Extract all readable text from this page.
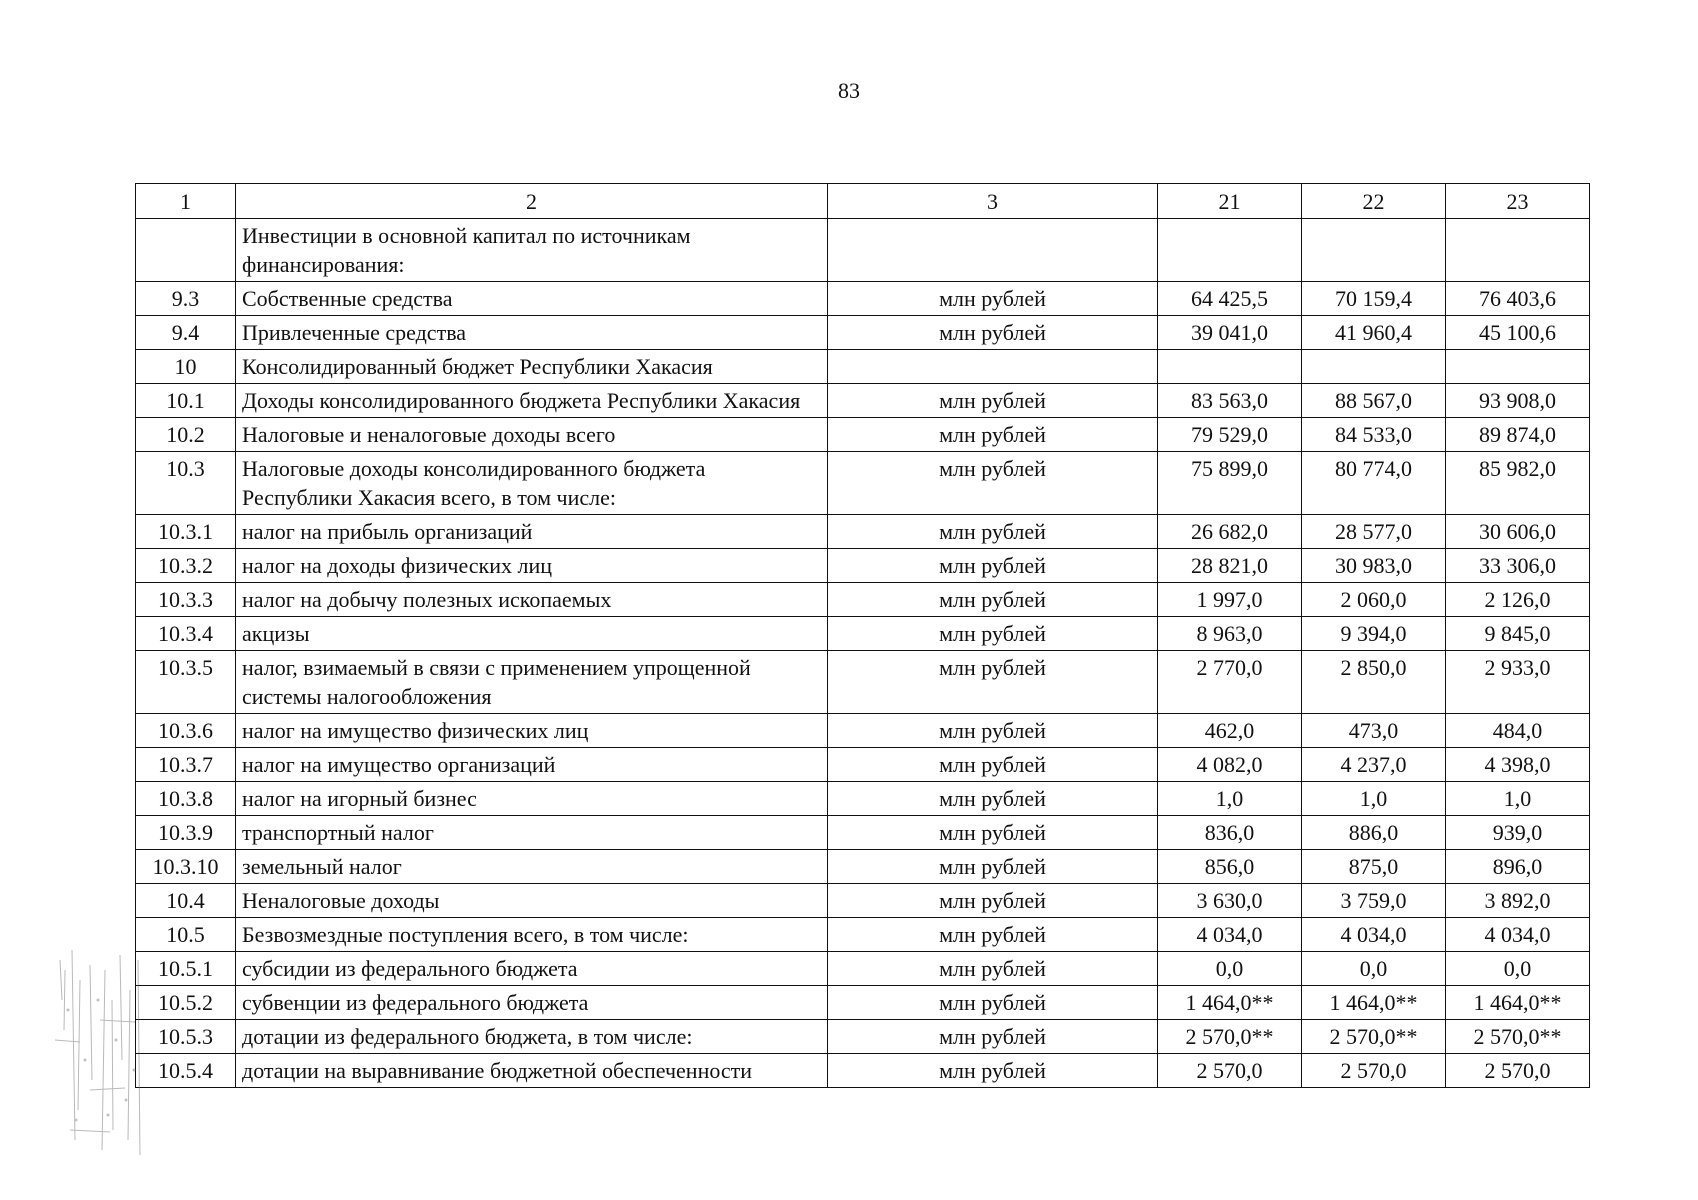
83
1	2	3	21	22	23
	Инвестиции в основной капитал по источникам финансирования:				
9.3	Собственные средства	млн рублей	64 425,5	70 159,4	76 403,6
9.4	Привлеченные средства	млн рублей	39 041,0	41 960,4	45 100,6
10	Консолидированный бюджет Республики Хакасия				
10.1	Доходы консолидированного бюджета Республики Хакасия	млн рублей	83 563,0	88 567,0	93 908,0
10.2	Налоговые и неналоговые доходы всего	млн рублей	79 529,0	84 533,0	89 874,0
10.3	Налоговые доходы консолидированного бюджета Республики Хакасия всего, в том числе:	млн рублей	75 899,0	80 774,0	85 982,0
10.3.1	налог на прибыль организаций	млн рублей	26 682,0	28 577,0	30 606,0
10.3.2	налог на доходы физических лиц	млн рублей	28 821,0	30 983,0	33 306,0
10.3.3	налог на добычу полезных ископаемых	млн рублей	1 997,0	2 060,0	2 126,0
10.3.4	акцизы	млн рублей	8 963,0	9 394,0	9 845,0
10.3.5	налог, взимаемый в связи с применением упрощенной системы налогообложения	млн рублей	2 770,0	2 850,0	2 933,0
10.3.6	налог на имущество физических лиц	млн рублей	462,0	473,0	484,0
10.3.7	налог на имущество организаций	млн рублей	4 082,0	4 237,0	4 398,0
10.3.8	налог на игорный бизнес	млн рублей	1,0	1,0	1,0
10.3.9	транспортный налог	млн рублей	836,0	886,0	939,0
10.3.10	земельный налог	млн рублей	856,0	875,0	896,0
10.4	Неналоговые доходы	млн рублей	3 630,0	3 759,0	3 892,0
10.5	Безвозмездные поступления всего, в том числе:	млн рублей	4 034,0	4 034,0	4 034,0
10.5.1	субсидии из федерального бюджета	млн рублей	0,0	0,0	0,0
10.5.2	субвенции из федерального бюджета	млн рублей	1 464,0**	1 464,0**	1 464,0**
10.5.3	дотации из федерального бюджета, в том числе:	млн рублей	2 570,0**	2 570,0**	2 570,0**
10.5.4	дотации на выравнивание бюджетной обеспеченности	млн рублей	2 570,0	2 570,0	2 570,0
